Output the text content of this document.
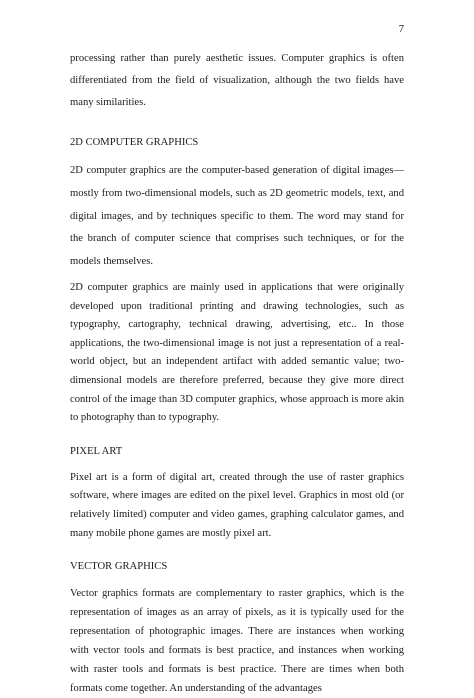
7

processing rather than purely aesthetic issues. Computer graphics is often differentiated from the field of visualization, although the two fields have many similarities.

2D COMPUTER GRAPHICS

2D computer graphics are the computer-based generation of digital images—mostly from two-dimensional models, such as 2D geometric models, text, and digital images, and by techniques specific to them. The word may stand for the branch of computer science that comprises such techniques, or for the models themselves.

2D computer graphics are mainly used in applications that were originally developed upon traditional printing and drawing technologies, such as typography, cartography, technical drawing, advertising, etc.. In those applications, the two-dimensional image is not just a representation of a real-world object, but an independent artifact with added semantic value; two-dimensional models are therefore preferred, because they give more direct control of the image than 3D computer graphics, whose approach is more akin to photography than to typography.

PIXEL ART

Pixel art is a form of digital art, created through the use of raster graphics software, where images are edited on the pixel level. Graphics in most old (or relatively limited) computer and video games, graphing calculator games, and many mobile phone games are mostly pixel art.

VECTOR GRAPHICS

Vector graphics formats are complementary to raster graphics, which is the representation of images as an array of pixels, as it is typically used for the representation of photographic images. There are instances when working with vector tools and formats is best practice, and instances when working with raster tools and formats is best practice. There are times when both formats come together. An understanding of the advantages
